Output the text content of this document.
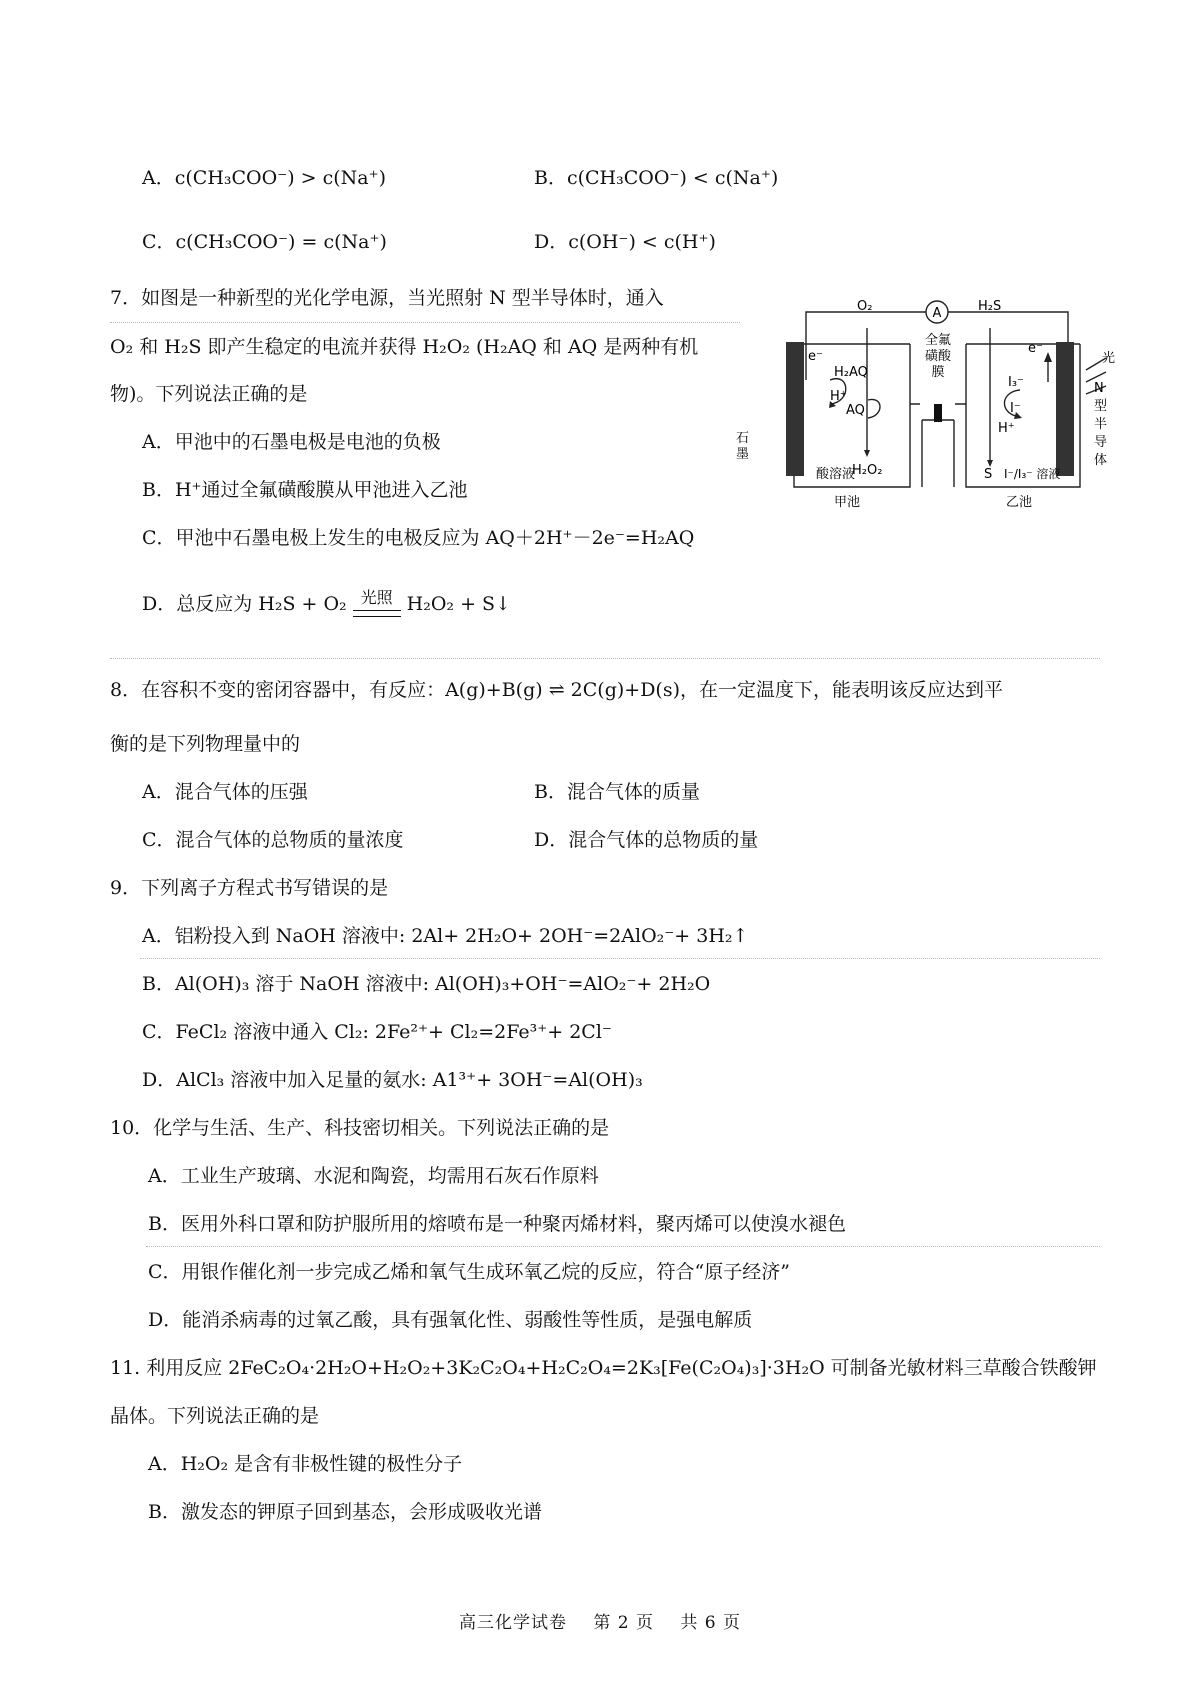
A．c(CH₃COO⁻) > c(Na⁺)	B．c(CH₃COO⁻) < c(Na⁺)
C．c(CH₃COO⁻) = c(Na⁺)	D．c(OH⁻) < c(H⁺)
7．如图是一种新型的光化学电源，当光照射 N 型半导体时，通入
O₂ 和 H₂S 即产生稳定的电流并获得 H₂O₂ (H₂AQ 和 AQ 是两种有机
物)。下列说法正确的是
A．甲池中的石墨电极是电池的负极
B．H⁺通过全氟磺酸膜从甲池进入乙池
C．甲池中石墨电极上发生的电极反应为 AQ＋2H⁺－2e⁻=H₂AQ
D．总反应为 H₂S + O₂ 光照 H₂O₂ + S↓
A
O₂	H₂S
全氟
磺酸
膜
e⁻
H₂AQ
H⁺
AQ
H₂O₂
石
墨
酸溶液
I₃⁻
I⁻
H⁺
S
e⁻
I⁻/I₃⁻ 溶液
光
N
型
半
导
体
甲池	乙池
8．在容积不变的密闭容器中，有反应：A(g)+B(g) ⇌ 2C(g)+D(s)，在一定温度下，能表明该反应达到平
衡的是下列物理量中的
A．混合气体的压强	B．混合气体的质量
C．混合气体的总物质的量浓度	D．混合气体的总物质的量
9．下列离子方程式书写错误的是
A．铝粉投入到 NaOH 溶液中: 2Al+ 2H₂O+ 2OH⁻=2AlO₂⁻+ 3H₂↑
B．Al(OH)₃ 溶于 NaOH 溶液中: Al(OH)₃+OH⁻=AlO₂⁻+ 2H₂O
C．FeCl₂ 溶液中通入 Cl₂: 2Fe²⁺+ Cl₂=2Fe³⁺+ 2Cl⁻
D．AlCl₃ 溶液中加入足量的氨水: A1³⁺+ 3OH⁻=Al(OH)₃
10．化学与生活、生产、科技密切相关。下列说法正确的是
A．工业生产玻璃、水泥和陶瓷，均需用石灰石作原料
B．医用外科口罩和防护服所用的熔喷布是一种聚丙烯材料，聚丙烯可以使溴水褪色
C．用银作催化剂一步完成乙烯和氧气生成环氧乙烷的反应，符合“原子经济”
D．能消杀病毒的过氧乙酸，具有强氧化性、弱酸性等性质，是强电解质
11. 利用反应 2FeC₂O₄·2H₂O+H₂O₂+3K₂C₂O₄+H₂C₂O₄=2K₃[Fe(C₂O₄)₃]·3H₂O 可制备光敏材料三草酸合铁酸钾
晶体。下列说法正确的是
A．H₂O₂ 是含有非极性键的极性分子
B．激发态的钾原子回到基态，会形成吸收光谱
高三化学试卷 第 2 页 共 6 页
